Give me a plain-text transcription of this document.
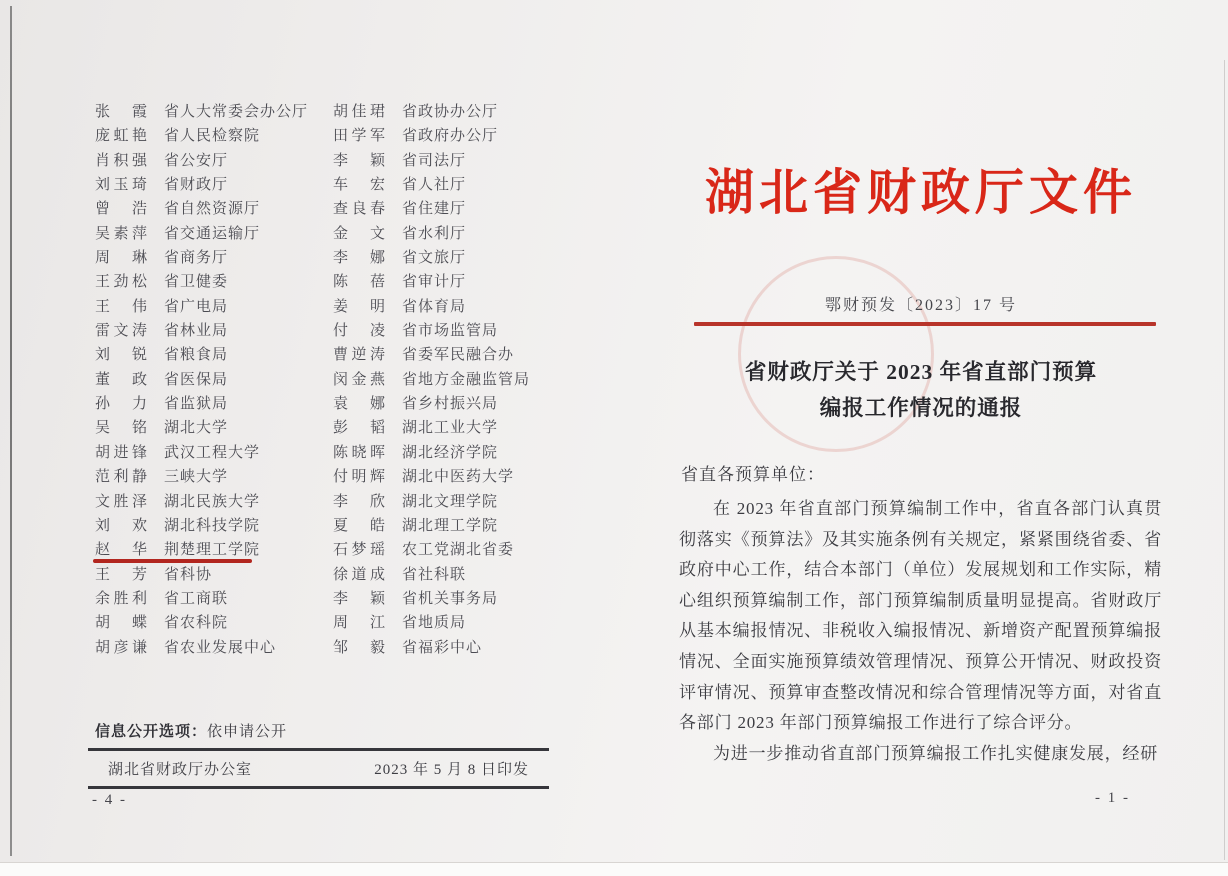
张 霞 省人大常委会办公厅
庞虹艳 省人民检察院
肖积强 省公安厅
刘玉琦 省财政厅
曾 浩 省自然资源厅
吴素萍 省交通运输厅
周 琳 省商务厅
王劲松 省卫健委
王 伟 省广电局
雷文涛 省林业局
刘 锐 省粮食局
董 政 省医保局
孙 力 省监狱局
吴 铭 湖北大学
胡进锋 武汉工程大学
范利静 三峡大学
文胜泽 湖北民族大学
刘 欢 湖北科技学院
赵 华 荆楚理工学院
王 芳 省科协
余胜利 省工商联
胡 蝶 省农科院
胡彦谦 省农业发展中心
胡佳珺 省政协办公厅
田学军 省政府办公厅
李 颖 省司法厅
车 宏 省人社厅
查良春 省住建厅
金 文 省水利厅
李 娜 省文旅厅
陈 蓓 省审计厅
姜 明 省体育局
付 凌 省市场监管局
曹逆涛 省委军民融合办
闵金燕 省地方金融监管局
袁 娜 省乡村振兴局
彭 韬 湖北工业大学
陈晓晖 湖北经济学院
付明辉 湖北中医药大学
李 欣 湖北文理学院
夏 皓 湖北理工学院
石梦瑶 农工党湖北省委
徐道成 省社科联
李 颖 省机关事务局
周 江 省地质局
邹 毅 省福彩中心
信息公开选项：依申请公开
湖北省财政厅办公室	2023 年 5 月 8 日印发
- 4 -
湖北省财政厅文件
鄂财预发〔2023〕17 号
省财政厅关于 2023 年省直部门预算
编报工作情况的通报
省直各预算单位：

在 2023 年省直部门预算编制工作中，省直各部门认真贯彻落实《预算法》及其实施条例有关规定，紧紧围绕省委、省政府中心工作，结合本部门（单位）发展规划和工作实际，精心组织预算编制工作，部门预算编制质量明显提高。省财政厅从基本编报情况、非税收入编报情况、新增资产配置预算编报情况、全面实施预算绩效管理情况、预算公开情况、财政投资评审情况、预算审查整改情况和综合管理情况等方面，对省直各部门 2023 年部门预算编报工作进行了综合评分。

为进一步推动省直部门预算编报工作扎实健康发展，经研

- 1 -
